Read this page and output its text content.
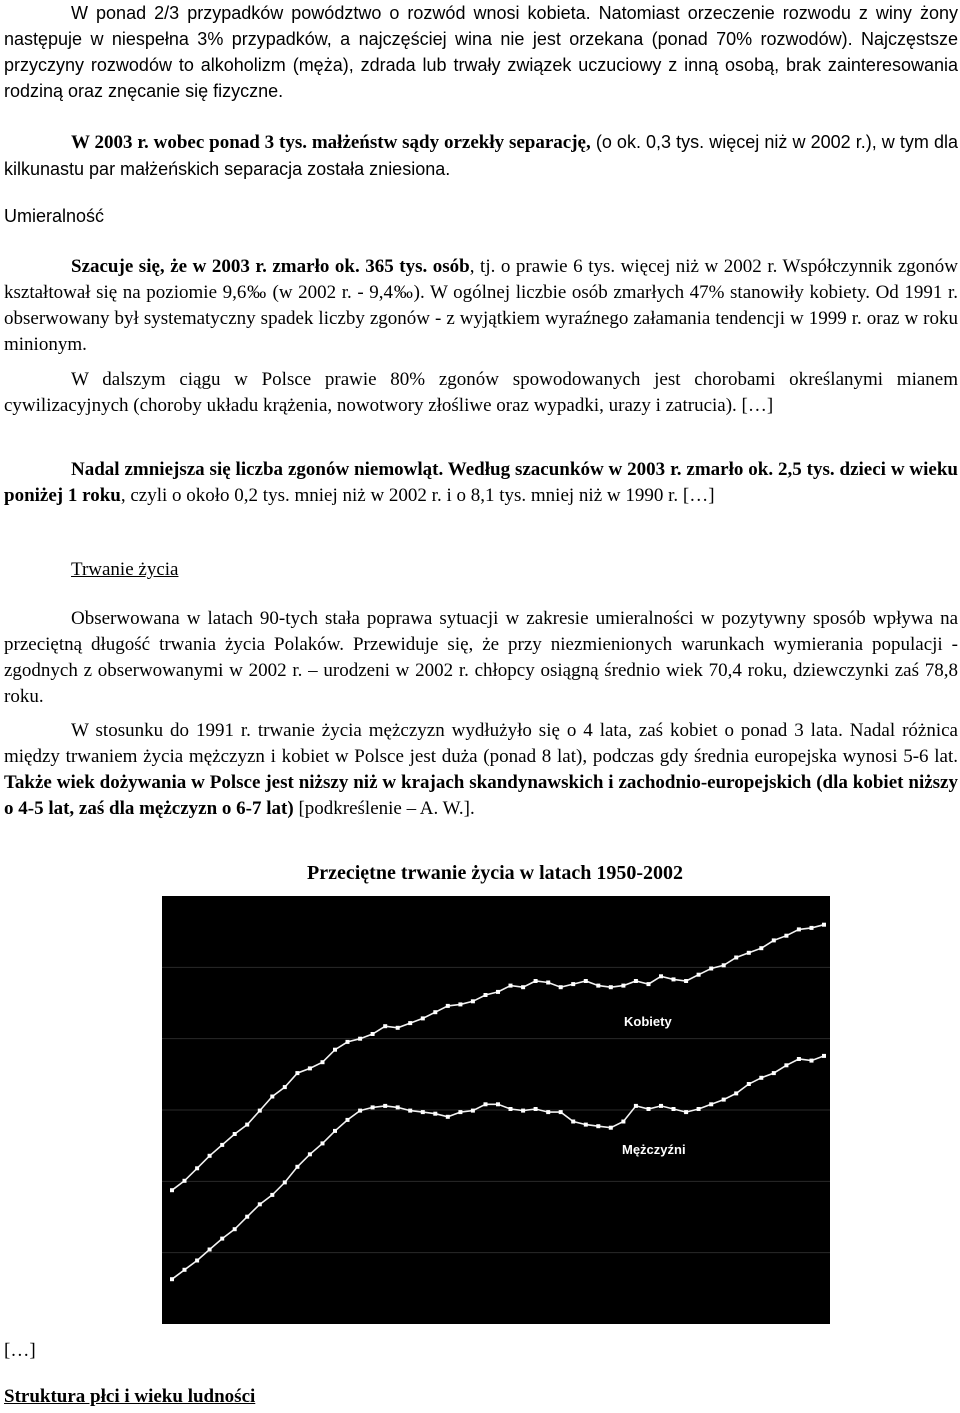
W ponad 2/3 przypadków powództwo o rozwód wnosi kobieta. Natomiast orzeczenie rozwodu z winy żony następuje w niespełna 3% przypadków, a najczęściej wina nie jest orzekana (ponad 70% rozwodów). Najczęstsze przyczyny rozwodów to alkoholizm (męża), zdrada lub trwały związek uczuciowy z inną osobą, brak zainteresowania rodziną oraz znęcanie się fizyczne.

W 2003 r. wobec ponad 3 tys. małżeństw sądy orzekły separację, (o ok. 0,3 tys. więcej niż w 2002 r.), w tym dla kilkunastu par małżeńskich separacja została zniesiona.

Umieralność

Szacuje się, że w 2003 r. zmarło ok. 365 tys. osób, tj. o prawie 6 tys. więcej niż w 2002 r. Współczynnik zgonów kształtował się na poziomie 9,6‰ (w 2002 r. - 9,4‰). W ogólnej liczbie osób zmarłych 47% stanowiły kobiety. Od 1991 r. obserwowany był systematyczny spadek liczby zgonów - z wyjątkiem wyraźnego załamania tendencji w 1999 r. oraz w roku minionym.

W dalszym ciągu w Polsce prawie 80% zgonów spowodowanych jest chorobami określanymi mianem cywilizacyjnych (choroby układu krążenia, nowotwory złośliwe oraz wypadki, urazy i zatrucia). […]

Nadal zmniejsza się liczba zgonów niemowląt. Według szacunków w 2003 r. zmarło ok. 2,5 tys. dzieci w wieku poniżej 1 roku, czyli o około 0,2 tys. mniej niż w 2002 r. i o 8,1 tys. mniej niż w 1990 r. […]

Trwanie życia

Obserwowana w latach 90-tych stała poprawa sytuacji w zakresie umieralności w pozytywny sposób wpływa na przeciętną długość trwania życia Polaków. Przewiduje się, że przy niezmienionych warunkach wymierania populacji - zgodnych z obserwowanymi w 2002 r. – urodzeni w 2002 r. chłopcy osiągną średnio wiek 70,4 roku, dziewczynki zaś 78,8 roku.

W stosunku do 1991 r. trwanie życia mężczyzn wydłużyło się o 4 lata, zaś kobiet o ponad 3 lata. Nadal różnica między trwaniem życia mężczyzn i kobiet w Polsce jest duża (ponad 8 lat), podczas gdy średnia europejska wynosi 5-6 lat. Także wiek dożywania w Polsce jest niższy niż w krajach skandynawskich i zachodnio-europejskich (dla kobiet niższy o 4-5 lat, zaś dla mężczyzn o 6-7 lat) [podkreślenie – A. W.].

Przeciętne trwanie życia w latach 1950-2002
Kobiety
Mężczyźni

[…]

Struktura płci i wieku ludności
